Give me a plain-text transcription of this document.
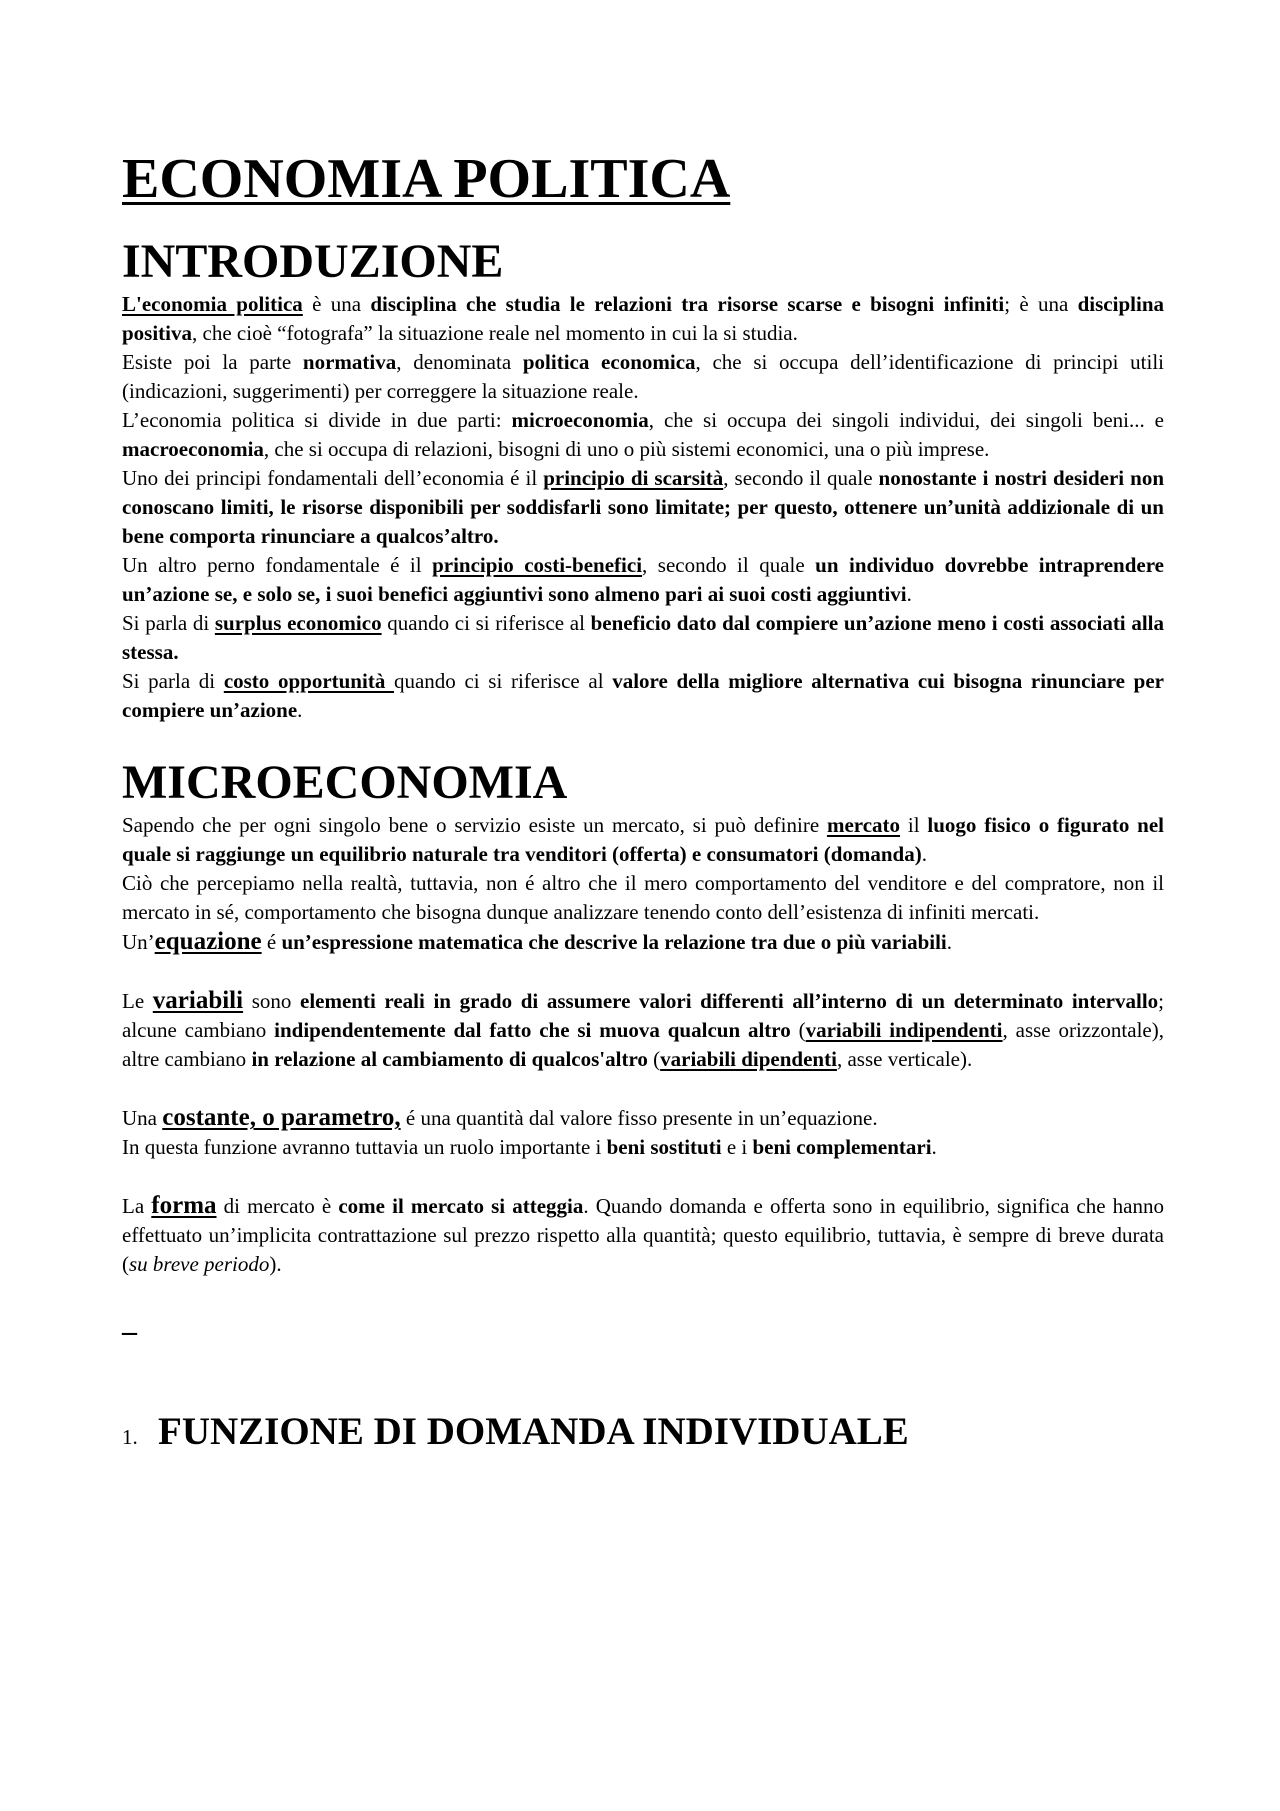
ECONOMIA POLITICA
INTRODUZIONE

L'economia politica è una disciplina che studia le relazioni tra risorse scarse e bisogni infiniti; è una disciplina positiva, che cioè “fotografa” la situazione reale nel momento in cui la si studia.

Esiste poi la parte normativa, denominata politica economica, che si occupa dell’identificazione di principi utili (indicazioni, suggerimenti) per correggere la situazione reale.

L’economia politica si divide in due parti: microeconomia, che si occupa dei singoli individui, dei singoli beni... e macroeconomia, che si occupa di relazioni, bisogni di uno o più sistemi economici, una o più imprese.

Uno dei principi fondamentali dell’economia é il principio di scarsità, secondo il quale nonostante i nostri desideri non conoscano limiti, le risorse disponibili per soddisfarli sono limitate; per questo, ottenere un’unità addizionale di un bene comporta rinunciare a qualcos’altro.

Un altro perno fondamentale é il principio costi-benefici, secondo il quale un individuo dovrebbe intraprendere un’azione se, e solo se, i suoi benefici aggiuntivi sono almeno pari ai suoi costi aggiuntivi.

Si parla di surplus economico quando ci si riferisce al beneficio dato dal compiere un’azione meno i costi associati alla stessa.

Si parla di costo opportunità quando ci si riferisce al valore della migliore alternativa cui bisogna rinunciare per compiere un’azione.

MICROECONOMIA

Sapendo che per ogni singolo bene o servizio esiste un mercato, si può definire mercato il luogo fisico o figurato nel quale si raggiunge un equilibrio naturale tra venditori (offerta) e consumatori (domanda).

Ciò che percepiamo nella realtà, tuttavia, non é altro che il mero comportamento del venditore e del compratore, non il mercato in sé, comportamento che bisogna dunque analizzare tenendo conto dell’esistenza di infiniti mercati.

Un’equazione é un’espressione matematica che descrive la relazione tra due o più variabili.

Le variabili sono elementi reali in grado di assumere valori differenti all’interno di un determinato intervallo; alcune cambiano indipendentemente dal fatto che si muova qualcun altro (variabili indipendenti, asse orizzontale), altre cambiano in relazione al cambiamento di qualcos'altro (variabili dipendenti, asse verticale).

Una costante, o parametro, é una quantità dal valore fisso presente in un’equazione.

In questa funzione avranno tuttavia un ruolo importante i beni sostituti e i beni complementari.

La forma di mercato è come il mercato si atteggia. Quando domanda e offerta sono in equilibrio, significa che hanno effettuato un’implicita contrattazione sul prezzo rispetto alla quantità; questo equilibrio, tuttavia, è sempre di breve durata (su breve periodo).

–
1. FUNZIONE DI DOMANDA INDIVIDUALE
